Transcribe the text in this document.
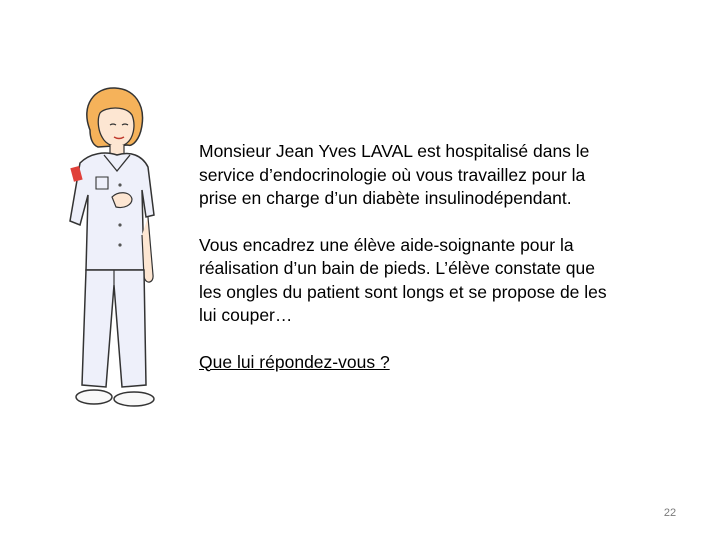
Monsieur Jean Yves LAVAL est hospitalisé dans le
service d’endocrinologie où vous travaillez pour la
prise en charge d’un diabète insulinodépendant.

Vous encadrez une élève aide-soignante pour la
réalisation d’un bain de pieds. L’élève constate que
les ongles du patient sont longs et se propose de les
lui couper…

Que lui répondez-vous ?

22
